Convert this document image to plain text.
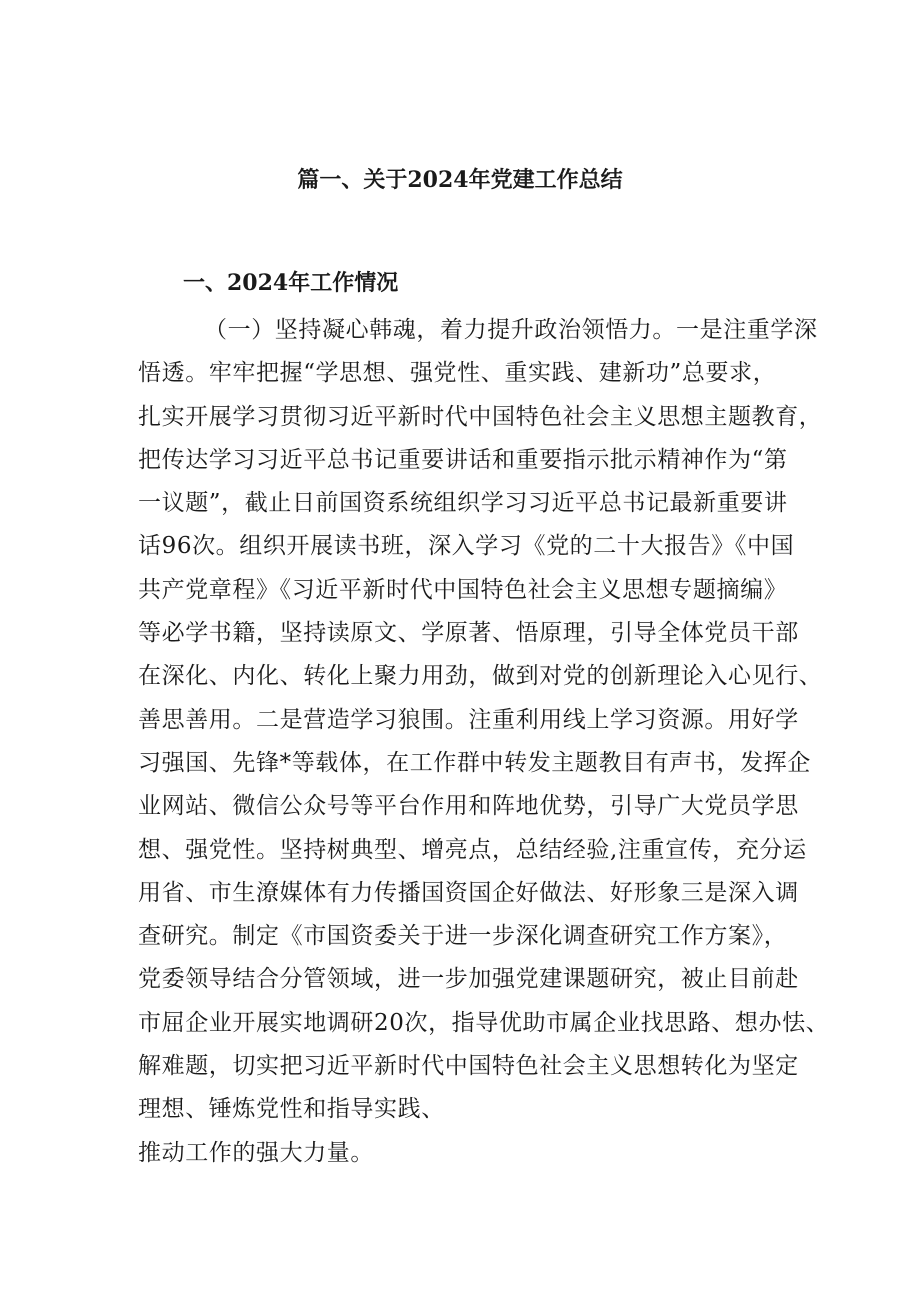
篇一、关于2024年党建工作总结
一、2024年工作情况
（一）坚持凝心韩魂，着力提升政治领悟力。一是注重学深
悟透。牢牢把握“学思想、强党性、重实践、建新功”总要求，
扎实开展学习贯彻习近平新时代中国特色社会主义思想主题教育，
把传达学习习近平总书记重要讲话和重要指示批示精神作为“第
一议题”，截止日前国资系统组织学习习近平总书记最新重要讲
话96次。组织开展读书班，深入学习《党的二十大报告》《中国
共产党章程》《习近平新时代中国特色社会主义思想专题摘编》
等必学书籍，坚持读原文、学原著、悟原理，引导全体党员干部
在深化、内化、转化上聚力用劲，做到对党的创新理论入心见行、
善思善用。二是营造学习狼围。注重利用线上学习资源。用好学
习强国、先锋*等载体，在工作群中转发主题教目有声书，发挥企
业网站、微信公众号等平台作用和阵地优势，引导广大党员学思
想、强党性。坚持树典型、增亮点，总结经验,注重宣传，充分运
用省、市生潦媒体有力传播国资国企好做法、好形象三是深入调
查研究。制定《市国资委关于进一步深化调查研究工作方案》，
党委领导结合分管领域，进一步加强党建课题研究，被止目前赴
市屈企业开展实地调研20次，指导优助市属企业找思路、想办怯、
解难题，切实把习近平新时代中国特色社会主义思想转化为坚定
理想、锤炼党性和指导实践、
推动工作的强大力量。
